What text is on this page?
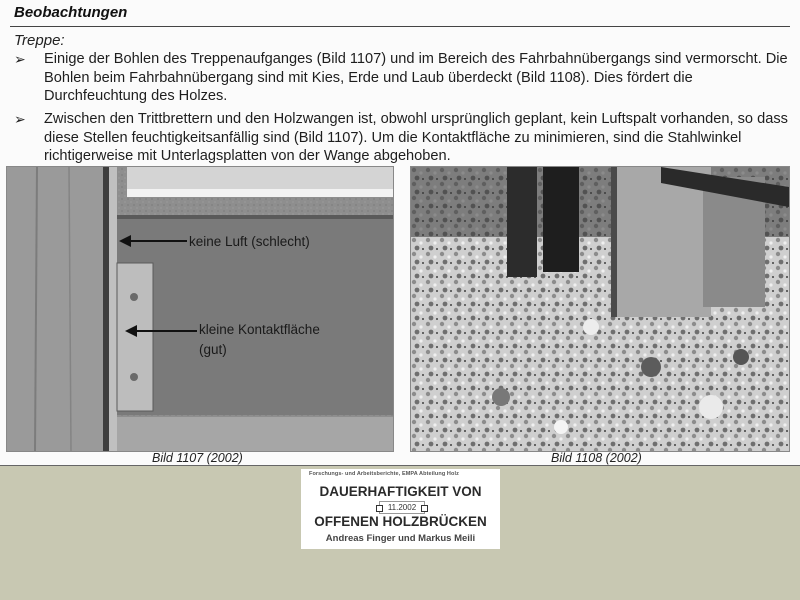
Beobachtungen
Treppe:
➢	Einige der Bohlen des Treppenaufganges (Bild 1107) und im Bereich des Fahrbahnübergangs sind vermorscht. Die Bohlen beim Fahrbahnübergang sind mit Kies, Erde und Laub überdeckt (Bild 1108). Dies fördert die Durchfeuchtung des Holzes.
➢	Zwischen den Trittbrettern und den Holzwangen ist, obwohl ursprünglich geplant, kein Luftspalt vorhanden, so dass diese Stellen feuchtigkeitsanfällig sind (Bild 1107). Um die Kontaktfläche zu minimieren, sind die Stahlwinkel richtigerweise mit Unterlagsplatten von der Wange abgehoben.
keine Luft (schlecht)
kleine Kontaktfläche
(gut)
Bild 1107 (2002)	Bild 1108 (2002)
Forschungs- und Arbeitsberichte, EMPA Abteilung Holz
DAUERHAFTIGKEIT VON
11.2002
OFFENEN HOLZBRÜCKEN
Andreas Finger und Markus Meili
